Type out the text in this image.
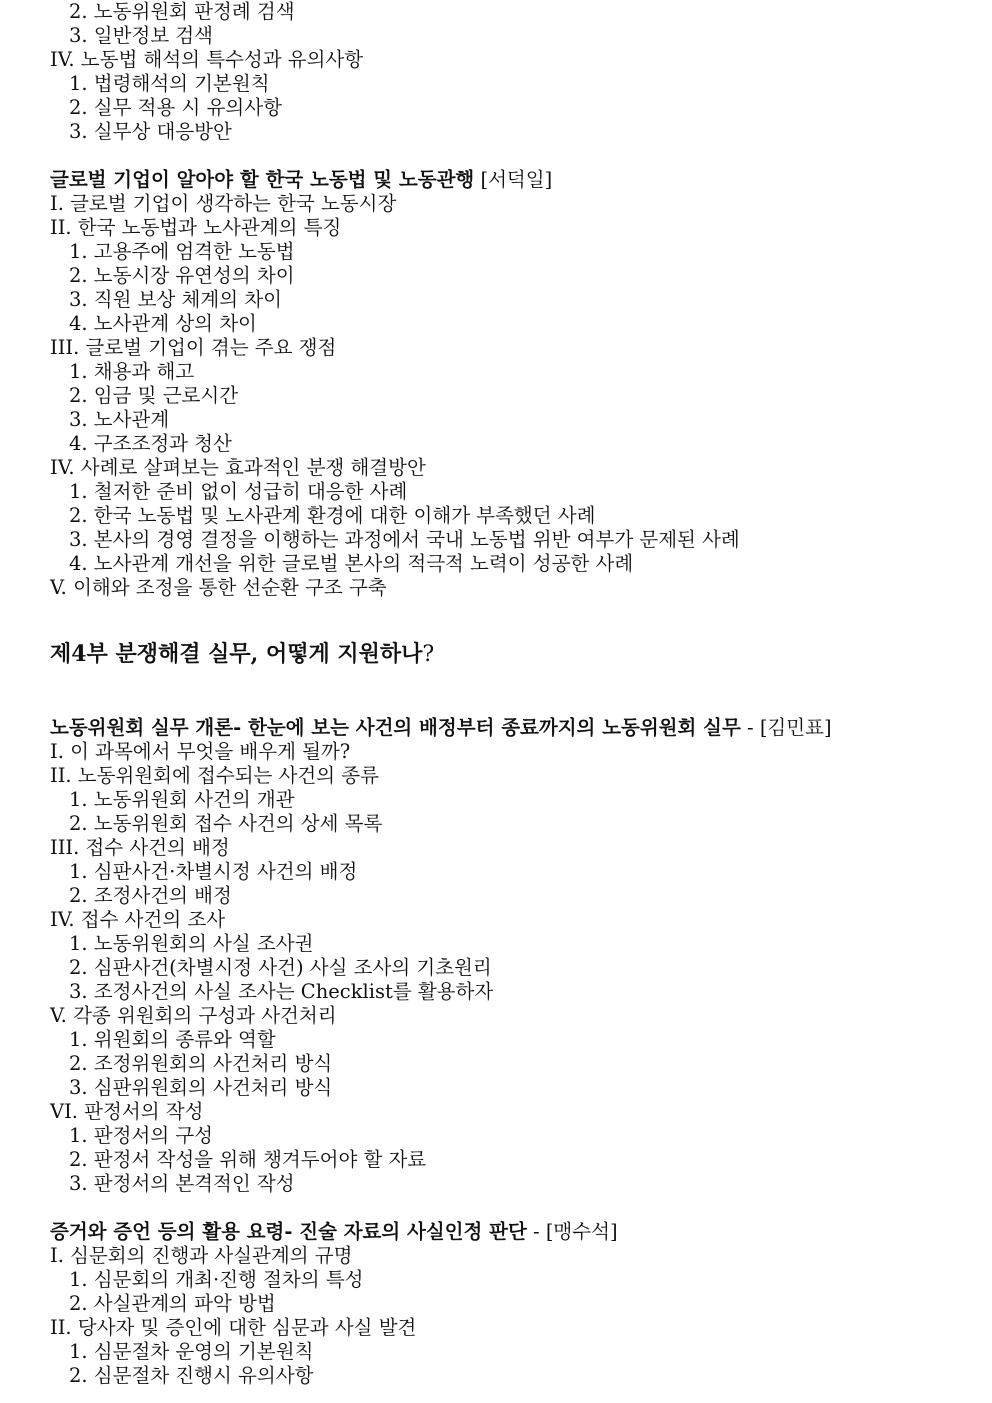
2. 노동위원회 판정례 검색
3. 일반정보 검색
IV. 노동법 해석의 특수성과 유의사항
1. 법령해석의 기본원칙
2. 실무 적용 시 유의사항
3. 실무상 대응방안
글로벌 기업이 알아야 할 한국 노동법 및 노동관행 [서덕일]
I. 글로벌 기업이 생각하는 한국 노동시장
II. 한국 노동법과 노사관계의 특징
1. 고용주에 엄격한 노동법
2. 노동시장 유연성의 차이
3. 직원 보상 체계의 차이
4. 노사관계 상의 차이
III. 글로벌 기업이 겪는 주요 쟁점
1. 채용과 해고
2. 임금 및 근로시간
3. 노사관계
4. 구조조정과 청산
IV. 사례로 살펴보는 효과적인 분쟁 해결방안
1. 철저한 준비 없이 성급히 대응한 사례
2. 한국 노동법 및 노사관계 환경에 대한 이해가 부족했던 사례
3. 본사의 경영 결정을 이행하는 과정에서 국내 노동법 위반 여부가 문제된 사례
4. 노사관계 개선을 위한 글로벌 본사의 적극적 노력이 성공한 사례
V. 이해와 조정을 통한 선순환 구조 구축
제4부 분쟁해결 실무, 어떻게 지원하나?
노동위원회 실무 개론- 한눈에 보는 사건의 배정부터 종료까지의 노동위원회 실무 - [김민표]
I. 이 과목에서 무엇을 배우게 될까?
II. 노동위원회에 접수되는 사건의 종류
1. 노동위원회 사건의 개관
2. 노동위원회 접수 사건의 상세 목록
III. 접수 사건의 배정
1. 심판사건·차별시정 사건의 배정
2. 조정사건의 배정
IV. 접수 사건의 조사
1. 노동위원회의 사실 조사권
2. 심판사건(차별시정 사건) 사실 조사의 기초원리
3. 조정사건의 사실 조사는 Checklist를 활용하자
V. 각종 위원회의 구성과 사건처리
1. 위원회의 종류와 역할
2. 조정위원회의 사건처리 방식
3. 심판위원회의 사건처리 방식
VI. 판정서의 작성
1. 판정서의 구성
2. 판정서 작성을 위해 챙겨두어야 할 자료
3. 판정서의 본격적인 작성
증거와 증언 등의 활용 요령- 진술 자료의 사실인정 판단 - [맹수석]
I. 심문회의 진행과 사실관계의 규명
1. 심문회의 개최·진행 절차의 특성
2. 사실관계의 파악 방법
II. 당사자 및 증인에 대한 심문과 사실 발견
1. 심문절차 운영의 기본원칙
2. 심문절차 진행시 유의사항
